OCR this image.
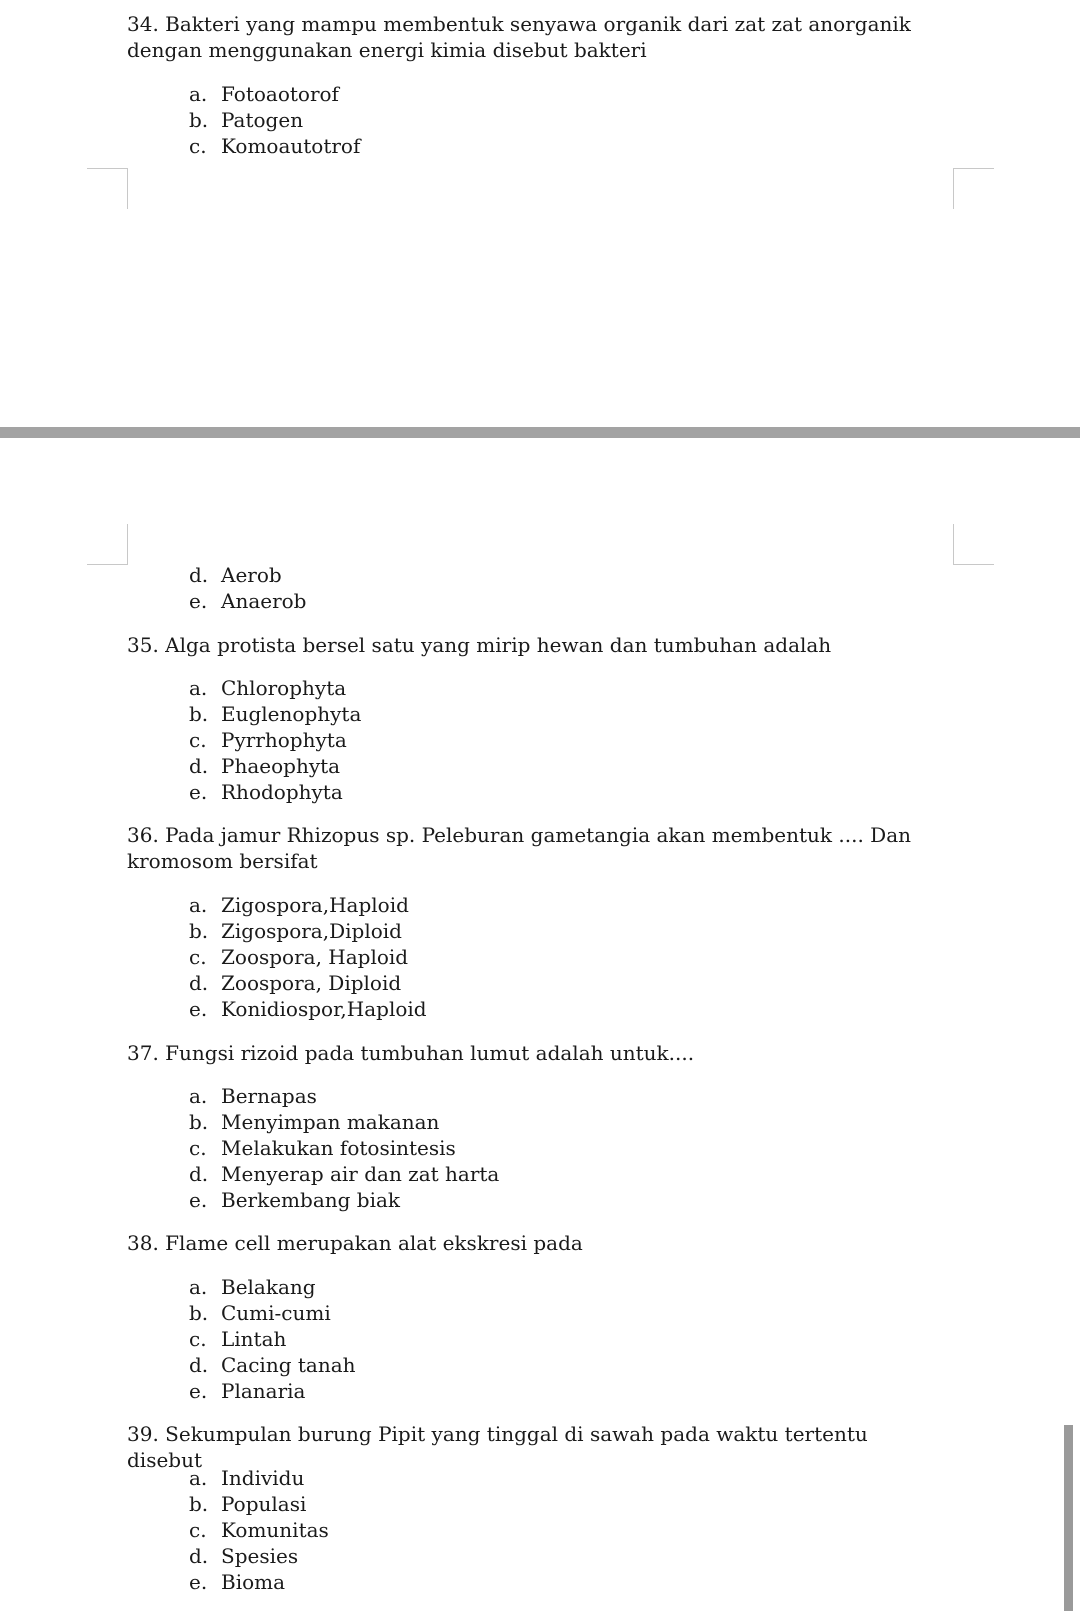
34. Bakteri yang mampu membentuk senyawa organik dari zat zat anorganik dengan menggunakan energi kimia disebut bakteri
a. Fotoaotorof
b. Patogen
c. Komoautotrof
d. Aerob
e. Anaerob
35. Alga protista bersel satu yang mirip hewan dan tumbuhan adalah
a. Chlorophyta
b. Euglenophyta
c. Pyrrhophyta
d. Phaeophyta
e. Rhodophyta
36. Pada jamur Rhizopus sp. Peleburan gametangia akan membentuk .... Dan kromosom bersifat
a. Zigospora,Haploid
b. Zigospora,Diploid
c. Zoospora, Haploid
d. Zoospora, Diploid
e. Konidiospor,Haploid
37. Fungsi rizoid pada tumbuhan lumut adalah untuk....
a. Bernapas
b. Menyimpan makanan
c. Melakukan fotosintesis
d. Menyerap air dan zat harta
e. Berkembang biak
38. Flame cell merupakan alat ekskresi pada
a. Belakang
b. Cumi-cumi
c. Lintah
d. Cacing tanah
e. Planaria
39. Sekumpulan burung Pipit yang tinggal di sawah pada waktu tertentu disebut
a. Individu
b. Populasi
c. Komunitas
d. Spesies
e. Bioma
